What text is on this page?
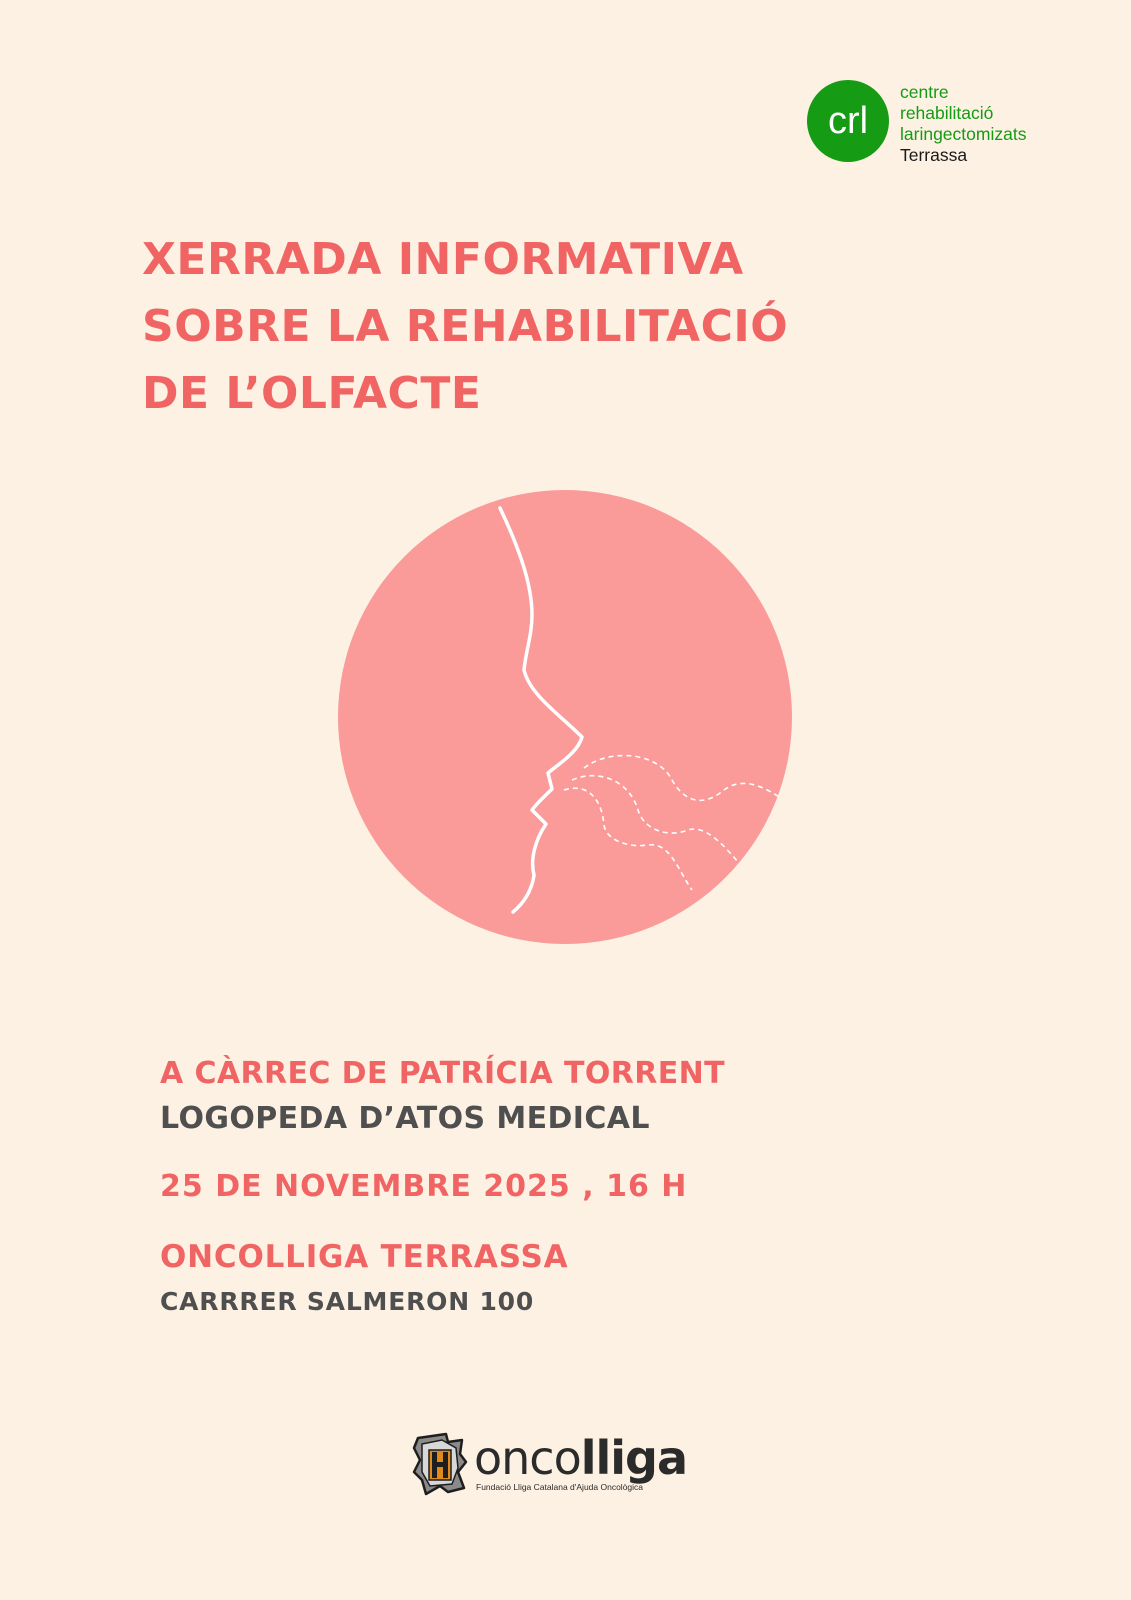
crl
centre
rehabilitació
laringectomizats
Terrassa
XERRADA INFORMATIVA
SOBRE LA REHABILITACIÓ
DE L’OLFACTE
A CÀRREC DE PATRÍCIA TORRENT
LOGOPEDA D’ATOS MEDICAL
25 DE NOVEMBRE 2025 , 16 H
ONCOLLIGA TERRASSA
CARRRER SALMERON 100
oncolliga
Fundació Lliga Catalana d'Ajuda Oncològica
